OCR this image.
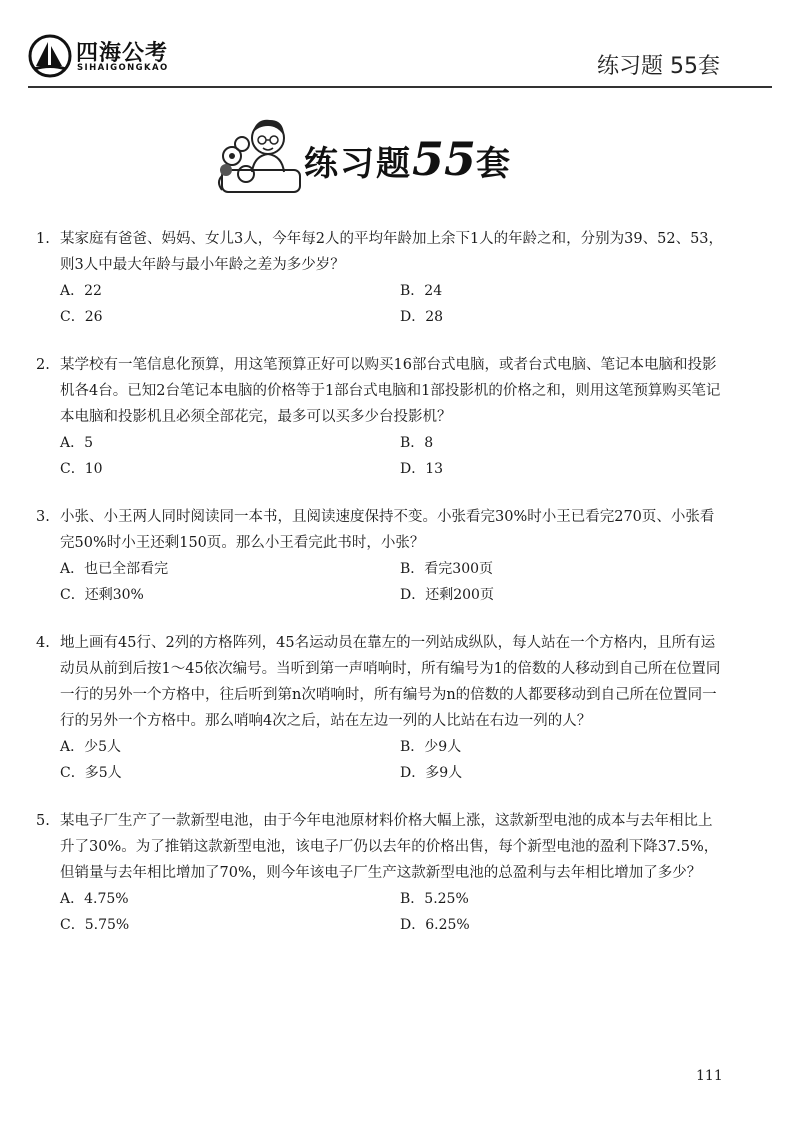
四海公考
SIHAIGONGKAO	练习题 55套
练习题55套
1. 某家庭有爸爸、妈妈、女儿3人，今年每2人的平均年龄加上余下1人的年龄之和，分别为39、52、53，则3人中最大年龄与最小年龄之差为多少岁？
A．22	B．24
C．26	D．28
2. 某学校有一笔信息化预算，用这笔预算正好可以购买16部台式电脑，或者台式电脑、笔记本电脑和投影机各4台。已知2台笔记本电脑的价格等于1部台式电脑和1部投影机的价格之和，则用这笔预算购买笔记本电脑和投影机且必须全部花完，最多可以买多少台投影机？
A．5	B．8
C．10	D．13
3. 小张、小王两人同时阅读同一本书，且阅读速度保持不变。小张看完30%时小王已看完270页、小张看完50%时小王还剩150页。那么小王看完此书时，小张？
A．也已全部看完	B．看完300页
C．还剩30%	D．还剩200页
4. 地上画有45行、2列的方格阵列，45名运动员在靠左的一列站成纵队，每人站在一个方格内，且所有运动员从前到后按1～45依次编号。当听到第一声哨响时，所有编号为1的倍数的人移动到自己所在位置同一行的另外一个方格中，往后听到第n次哨响时，所有编号为n的倍数的人都要移动到自己所在位置同一行的另外一个方格中。那么哨响4次之后，站在左边一列的人比站在右边一列的人？
A．少5人	B．少9人
C．多5人	D．多9人
5. 某电子厂生产了一款新型电池，由于今年电池原材料价格大幅上涨，这款新型电池的成本与去年相比上升了30%。为了推销这款新型电池，该电子厂仍以去年的价格出售，每个新型电池的盈利下降37.5%，但销量与去年相比增加了70%，则今年该电子厂生产这款新型电池的总盈利与去年相比增加了多少？
A．4.75%	B．5.25%
C．5.75%	D．6.25%
111
